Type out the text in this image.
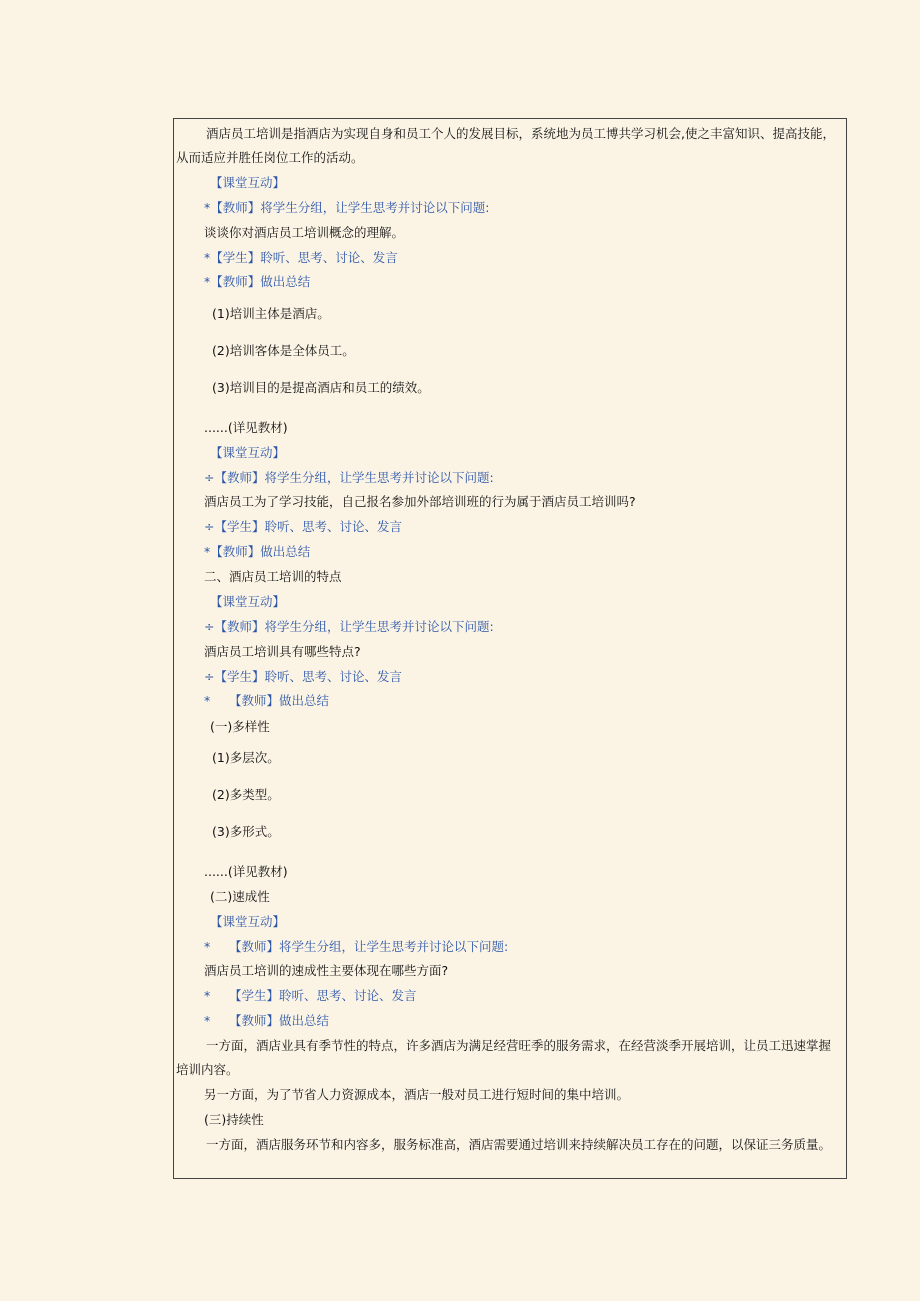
酒店员工培训是指酒店为实现自身和员工个人的发展目标，系统地为员工博共学习机会,使之丰富知识、提高技能，从而适应并胜任岗位工作的活动。
【课堂互动】
*【教师】将学生分组，让学生思考并讨论以下问题:
谈谈你对酒店员工培训概念的理解。
*【学生】聆听、思考、讨论、发言
*【教师】做出总结
(1)培训主体是酒店。
(2)培训客体是全体员工。
(3)培训目的是提高酒店和员工的绩效。
......(详见教材)
【课堂互动】
÷【教师】将学生分组，让学生思考并讨论以下问题:
酒店员工为了学习技能，自己报名参加外部培训班的行为属于酒店员工培训吗?
÷【学生】聆听、思考、讨论、发言
*【教师】做出总结
二、酒店员工培训的特点
【课堂互动】
÷【教师】将学生分组，让学生思考并讨论以下问题:
酒店员工培训具有哪些特点?
÷【学生】聆听、思考、讨论、发言
* 【教师】做出总结
(一)多样性
(1)多层次。
(2)多类型。
(3)多形式。
......(详见教材)
(二)速成性
【课堂互动】
* 【教师】将学生分组，让学生思考并讨论以下问题:
酒店员工培训的速成性主要体现在哪些方面?
* 【学生】聆听、思考、讨论、发言
* 【教师】做出总结
一方面，酒店业具有季节性的特点，许多酒店为满足经营旺季的服务需求，在经营淡季开展培训，让员工迅速掌握培训内容。
另一方面，为了节省人力资源成本，酒店一般对员工进行短时间的集中培训。
(三)持续性
一方面，酒店服务环节和内容多，服务标准高，酒店需要通过培训来持续解决员工存在的问题，以保证三务质量。
